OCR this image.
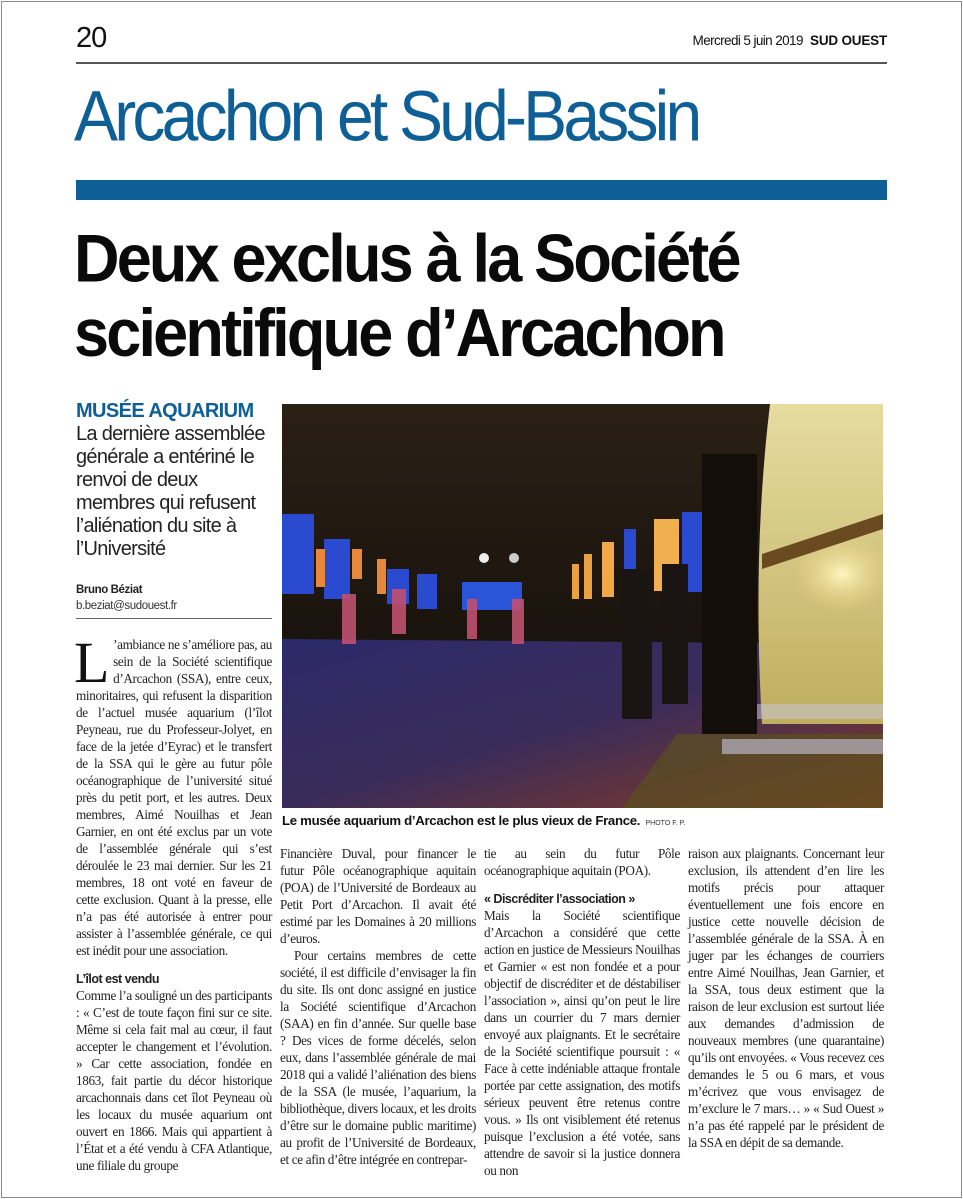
20	Mercredi 5 juin 2019 SUD OUEST
Arcachon et Sud-Bassin
Deux exclus à la Société
scientifique d’Arcachon
MUSÉE AQUARIUM
La dernière assemblée générale a entériné le renvoi de deux membres qui refusent l’aliénation du site à l’Université
Bruno Béziat
b.beziat@sudouest.fr
Le musée aquarium d’Arcachon est le plus vieux de France. PHOTO F. P.

L ’ambiance ne s’améliore pas, au sein de la Société scientifique d’Arcachon (SSA), entre ceux, minoritaires, qui refusent la disparition de l’actuel musée aquarium (l’îlot Peyneau, rue du Professeur-Jolyet, en face de la jetée d’Eyrac) et le transfert de la SSA qui le gère au futur pôle océanographique de l’université situé près du petit port, et les autres. Deux membres, Aimé Nouilhas et Jean Garnier, en ont été exclus par un vote de l’assemblée générale qui s’est déroulée le 23 mai dernier. Sur les 21 membres, 18 ont voté en faveur de cette exclusion. Quant à la presse, elle n’a pas été autorisée à entrer pour assister à l’assemblée générale, ce qui est inédit pour une association.

L’îlot est vendu

Comme l’a souligné un des participants : « C’est de toute façon fini sur ce site. Même si cela fait mal au cœur, il faut accepter le changement et l’évolution. » Car cette association, fondée en 1863, fait partie du décor historique arcachonnais dans cet îlot Peyneau où les locaux du musée aquarium ont ouvert en 1866. Mais qui appartient à l’État et a été vendu à CFA Atlantique, une filiale du groupe

Financière Duval, pour financer le futur Pôle océanographique aquitain (POA) de l’Université de Bordeaux au Petit Port d’Arcachon. Il avait été estimé par les Domaines à 20 millions d’euros.

Pour certains membres de cette société, il est difficile d’envisager la fin du site. Ils ont donc assigné en justice la Société scientifique d’Arcachon (SAA) en fin d’année. Sur quelle base ? Des vices de forme décelés, selon eux, dans l’assemblée générale de mai 2018 qui a validé l’aliénation des biens de la SSA (le musée, l’aquarium, la bibliothèque, divers locaux, et les droits d’être sur le domaine public maritime) au profit de l’Université de Bordeaux, et ce afin d’être intégrée en contrepar-

tie au sein du futur Pôle océanographique aquitain (POA).

« Discréditer l’association »

Mais la Société scientifique d’Arcachon a considéré que cette action en justice de Messieurs Nouilhas et Garnier « est non fondée et a pour objectif de discréditer et de déstabiliser l’association », ainsi qu’on peut le lire dans un courrier du 7 mars dernier envoyé aux plaignants. Et le secrétaire de la Société scientifique poursuit : « Face à cette indéniable attaque frontale portée par cette assignation, des motifs sérieux peuvent être retenus contre vous. » Ils ont visiblement été retenus puisque l’exclusion a été votée, sans attendre de savoir si la justice donnera ou non

raison aux plaignants. Concernant leur exclusion, ils attendent d’en lire les motifs précis pour attaquer éventuellement une fois encore en justice cette nouvelle décision de l’assemblée générale de la SSA. À en juger par les échanges de courriers entre Aimé Nouilhas, Jean Garnier, et la SSA, tous deux estiment que la raison de leur exclusion est surtout liée aux demandes d’admission de nouveaux membres (une quarantaine) qu’ils ont envoyées. « Vous recevez ces demandes le 5 ou 6 mars, et vous m’écrivez que vous envisagez de m’exclure le 7 mars… » « Sud Ouest » n’a pas été rappelé par le président de la SSA en dépit de sa demande.
